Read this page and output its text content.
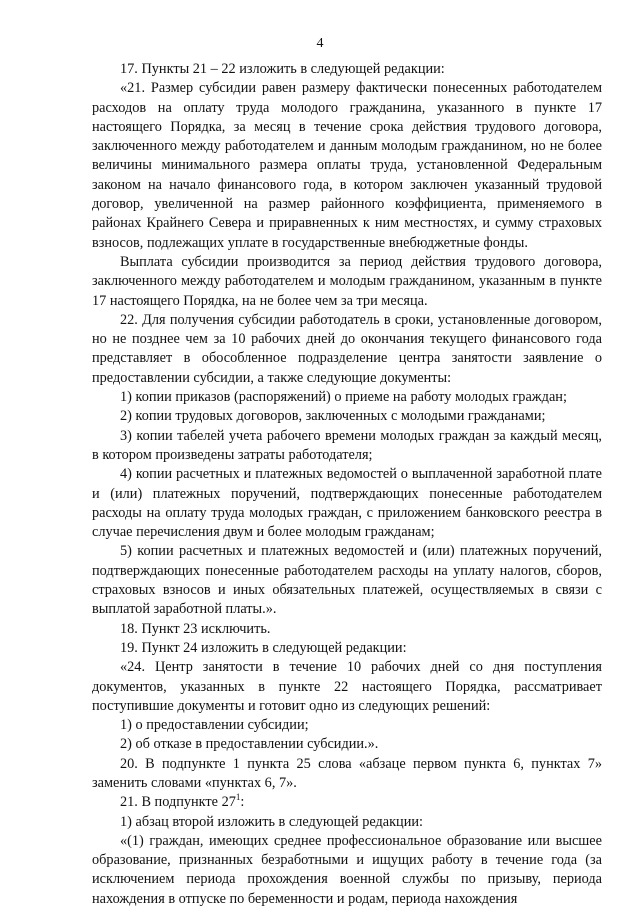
4

17. Пункты 21 – 22 изложить в следующей редакции:

«21. Размер субсидии равен размеру фактически понесенных работодателем расходов на оплату труда молодого гражданина, указанного в пункте 17 настоящего Порядка, за месяц в течение срока действия трудового договора, заключенного между работодателем и данным молодым гражданином, но не более величины минимального размера оплаты труда, установленной Федеральным законом на начало финансового года, в котором заключен указанный трудовой договор, увеличенной на размер районного коэффициента, применяемого в районах Крайнего Севера и приравненных к ним местностях, и сумму страховых взносов, подлежащих уплате в государственные внебюджетные фонды.

Выплата субсидии производится за период действия трудового договора, заключенного между работодателем и молодым гражданином, указанным в пункте 17 настоящего Порядка, на не более чем за три месяца.

22. Для получения субсидии работодатель в сроки, установленные договором, но не позднее чем за 10 рабочих дней до окончания текущего финансового года представляет в обособленное подразделение центра занятости заявление о предоставлении субсидии, а также следующие документы:

1) копии приказов (распоряжений) о приеме на работу молодых граждан;

2) копии трудовых договоров, заключенных с молодыми гражданами;

3) копии табелей учета рабочего времени молодых граждан за каждый месяц, в котором произведены затраты работодателя;

4) копии расчетных и платежных ведомостей о выплаченной заработной плате и (или) платежных поручений, подтверждающих понесенные работодателем расходы на оплату труда молодых граждан, с приложением банковского реестра в случае перечисления двум и более молодым гражданам;

5) копии расчетных и платежных ведомостей и (или) платежных поручений, подтверждающих понесенные работодателем расходы на уплату налогов, сборов, страховых взносов и иных обязательных платежей, осуществляемых в связи с выплатой заработной платы.».

18. Пункт 23 исключить.

19. Пункт 24 изложить в следующей редакции:

«24. Центр занятости в течение 10 рабочих дней со дня поступления документов, указанных в пункте 22 настоящего Порядка, рассматривает поступившие документы и готовит одно из следующих решений:

1) о предоставлении субсидии;

2) об отказе в предоставлении субсидии.».

20. В подпункте 1 пункта 25 слова «абзаце первом пункта 6, пунктах 7» заменить словами «пунктах 6, 7».

21. В подпункте $27^1$:

1) абзац второй изложить в следующей редакции:

«(1) граждан, имеющих среднее профессиональное образование или высшее образование, признанных безработными и ищущих работу в течение года (за исключением периода прохождения военной службы по призыву, периода нахождения в отпуске по беременности и родам, периода нахождения
